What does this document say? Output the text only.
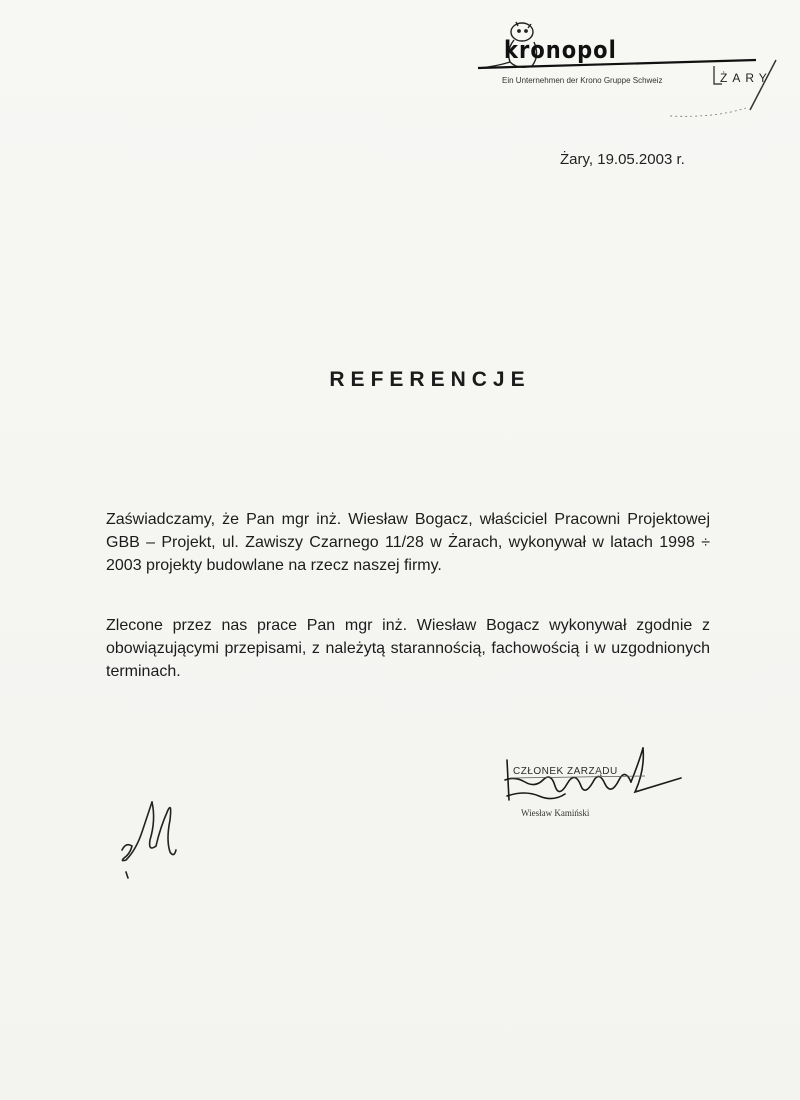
kronopol
Ein Unternehmen der Krono Gruppe Schweiz	ŻARY
Żary, 19.05.2003 r.
REFERENCJE
Zaświadczamy, że Pan mgr inż. Wiesław Bogacz, właściciel Pracowni Projektowej GBB – Projekt, ul. Zawiszy Czarnego 11/28 w Żarach, wykonywał w latach 1998 ÷ 2003 projekty budowlane na rzecz naszej firmy.
Zlecone przez nas prace Pan mgr inż. Wiesław Bogacz wykonywał zgodnie z obowiązującymi przepisami, z należytą starannością, fachowością i w uzgodnionych terminach.
CZŁONEK ZARZĄDU
Wiesław Kamiński
